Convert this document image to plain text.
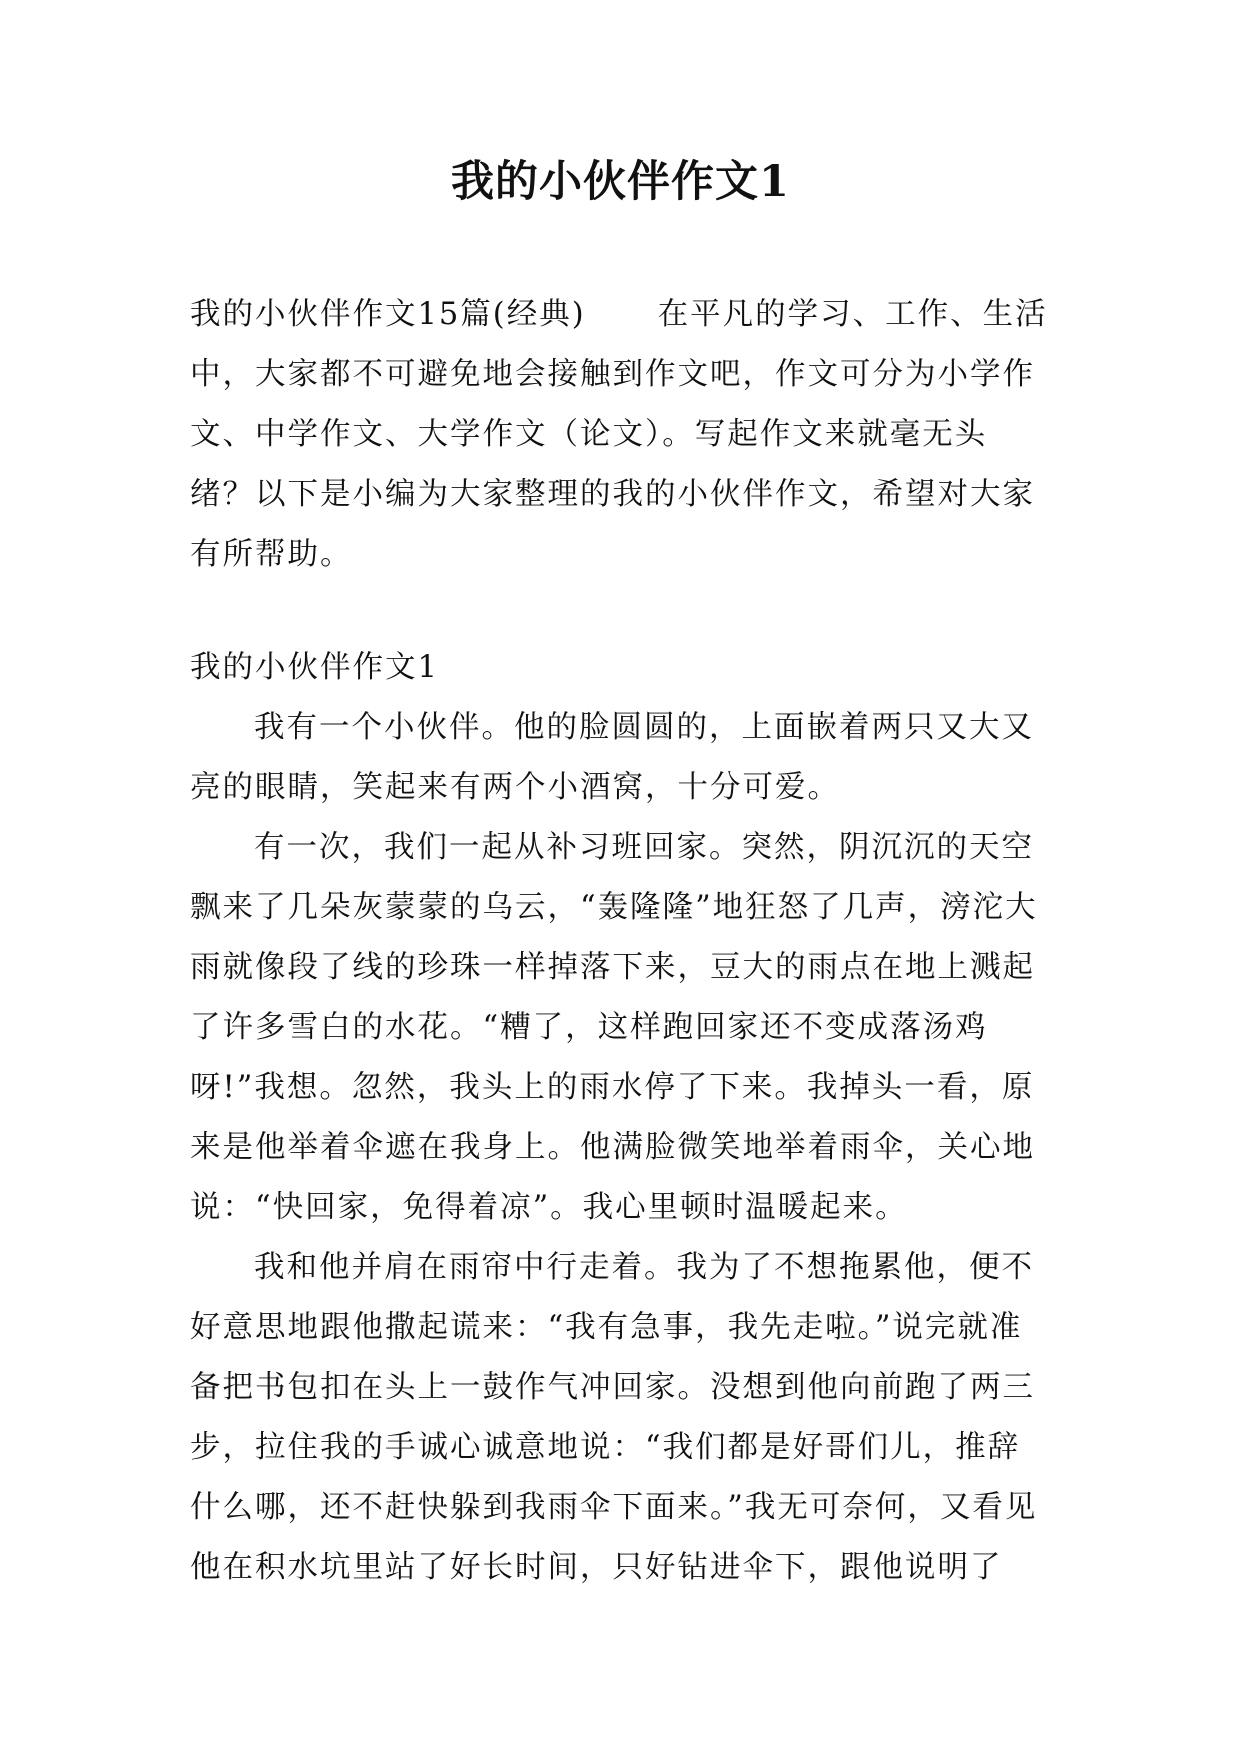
我的小伙伴作文1
我的小伙伴作文15篇(经典) 在平凡的学习、工作、生活中，大家都不可避免地会接触到作文吧，作文可分为小学作文、中学作文、大学作文（论文）。写起作文来就毫无头绪？以下是小编为大家整理的我的小伙伴作文，希望对大家有所帮助。
我的小伙伴作文1

我有一个小伙伴。他的脸圆圆的，上面嵌着两只又大又亮的眼睛，笑起来有两个小酒窝，十分可爱。

有一次，我们一起从补习班回家。突然，阴沉沉的天空飘来了几朵灰蒙蒙的乌云，“轰隆隆”地狂怒了几声，滂沱大雨就像段了线的珍珠一样掉落下来，豆大的雨点在地上溅起了许多雪白的水花。“糟了，这样跑回家还不变成落汤鸡呀!”我想。忽然，我头上的雨水停了下来。我掉头一看，原来是他举着伞遮在我身上。他满脸微笑地举着雨伞，关心地说：“快回家，免得着凉”。我心里顿时温暖起来。

我和他并肩在雨帘中行走着。我为了不想拖累他，便不好意思地跟他撒起谎来：“我有急事，我先走啦。”说完就准备把书包扣在头上一鼓作气冲回家。没想到他向前跑了两三步，拉住我的手诚心诚意地说：“我们都是好哥们儿，推辞什么哪，还不赶快躲到我雨伞下面来。”我无可奈何，又看见他在积水坑里站了好长时间，只好钻进伞下，跟他说明了
